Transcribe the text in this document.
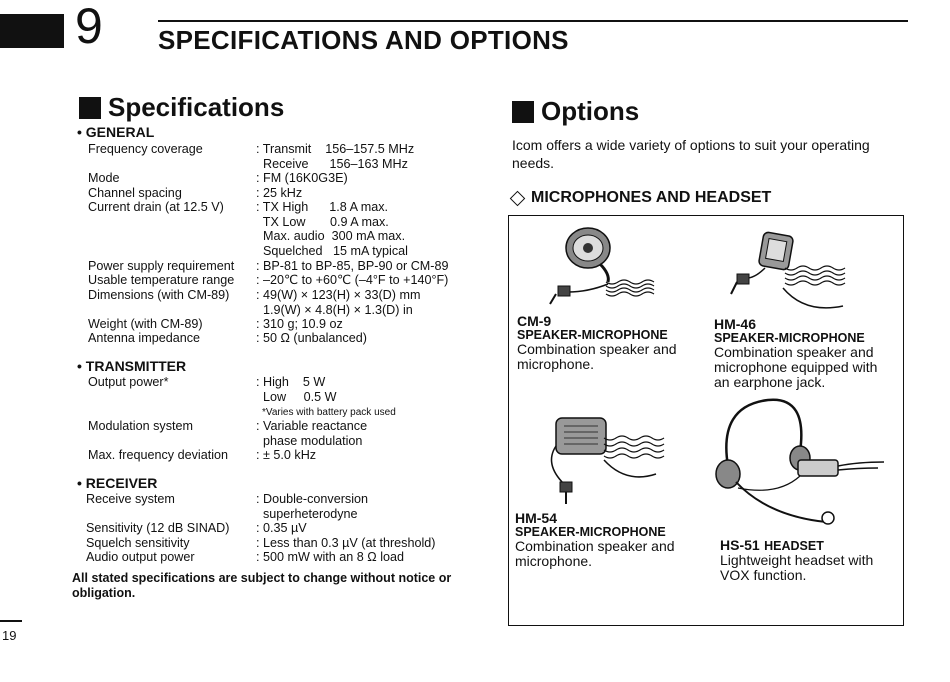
9 SPECIFICATIONS AND OPTIONS
Specifications
• GENERAL
Frequency coverage	: Transmit    156–157.5 MHz
Receive      156–163 MHz
Mode	: FM (16K0G3E)
Channel spacing	: 25 kHz
Current drain (at 12.5 V)	: TX High      1.8 A max.
TX Low       0.9 A max.
Max. audio  300 mA max.
Squelched   15 mA typical
Power supply requirement : BP-81 to BP-85, BP-90 or CM-89
Usable temperature range : –20℃ to +60℃ (–4°F to +140°F)
Dimensions (with CM-89) : 49(W) × 123(H) × 33(D) mm
1.9(W) × 4.8(H) × 1.3(D) in
Weight (with CM-89)	: 310 g; 10.9 oz
Antenna impedance	: 50 Ω (unbalanced)
• TRANSMITTER
Output power*	: High    5 W
Low     0.5 W
*Varies with battery pack used
Modulation system	: Variable reactance
phase modulation
Max. frequency deviation : ± 5.0 kHz
• RECEIVER
Receive system	: Double-conversion
superheterodyne
Sensitivity (12 dB SINAD) : 0.35 µV
Squelch sensitivity	: Less than 0.3 µV (at threshold)
Audio output power	: 500 mW with an 8 Ω load
All stated specifications are subject to change without notice or obligation.
Options
Icom offers a wide variety of options to suit your operating needs.
MICROPHONES AND HEADSET
CM-9
SPEAKER-MICROPHONE
Combination speaker and microphone.
HM-46
SPEAKER-MICROPHONE
Combination speaker and microphone equipped with an earphone jack.
HM-54
SPEAKER-MICROPHONE
Combination speaker and microphone.
HS-51 HEADSET
Lightweight headset with VOX function.
19
